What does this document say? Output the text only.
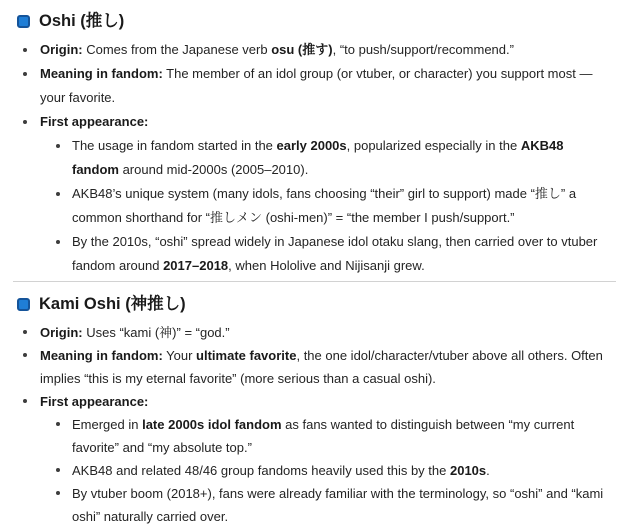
Oshi (推し)
Origin: Comes from the Japanese verb osu (推す), “to push/support/recommend.”
Meaning in fandom: The member of an idol group (or vtuber, or character) you support most — your favorite.
First appearance:
The usage in fandom started in the early 2000s, popularized especially in the AKB48 fandom around mid-2000s (2005–2010).
AKB48’s unique system (many idols, fans choosing “their” girl to support) made “推し” a common shorthand for “推しメン (oshi-men)” = “the member I push/support.”
By the 2010s, “oshi” spread widely in Japanese idol otaku slang, then carried over to vtuber fandom around 2017–2018, when Hololive and Nijisanji grew.
Kami Oshi (神推し)
Origin: Uses “kami (神)” = “god.”
Meaning in fandom: Your ultimate favorite, the one idol/character/vtuber above all others. Often implies “this is my eternal favorite” (more serious than a casual oshi).
First appearance:
Emerged in late 2000s idol fandom as fans wanted to distinguish between “my current favorite” and “my absolute top.”
AKB48 and related 48/46 group fandoms heavily used this by the 2010s.
By vtuber boom (2018+), fans were already familiar with the terminology, so “oshi” and “kami oshi” naturally carried over.
